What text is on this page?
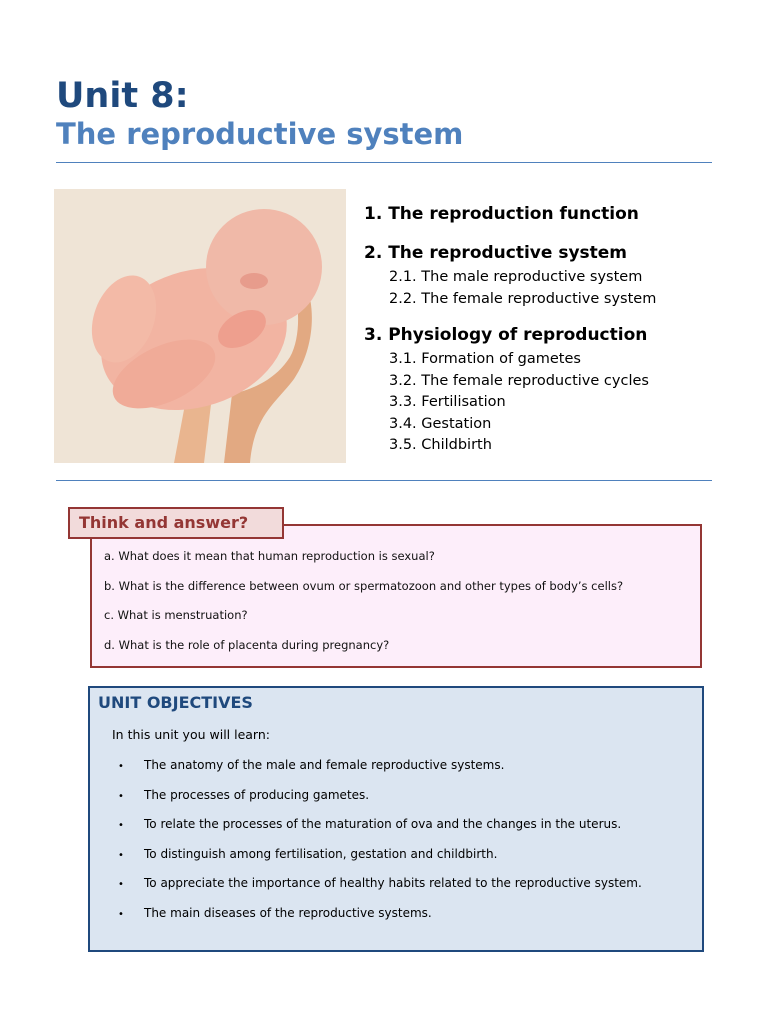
Unit 8:
The reproductive system
1. The reproduction function
2. The reproductive system
2.1. The male reproductive system
2.2. The female reproductive system
3. Physiology of reproduction
3.1. Formation of gametes
3.2. The female reproductive cycles
3.3. Fertilisation
3.4. Gestation
3.5. Childbirth
Think and answer?
a. What does it mean that human reproduction is sexual?
b. What is the difference between ovum or spermatozoon and other types of body’s cells?
c. What is menstruation?
d. What is the role of placenta during pregnancy?
UNIT OBJECTIVES
In this unit you will learn:
• The anatomy of the male and female reproductive systems.
• The processes of producing gametes.
• To relate the processes of the maturation of ova and the changes in the uterus.
• To distinguish among fertilisation, gestation and childbirth.
• To appreciate the importance of healthy habits related to the reproductive system.
• The main diseases of the reproductive systems.
